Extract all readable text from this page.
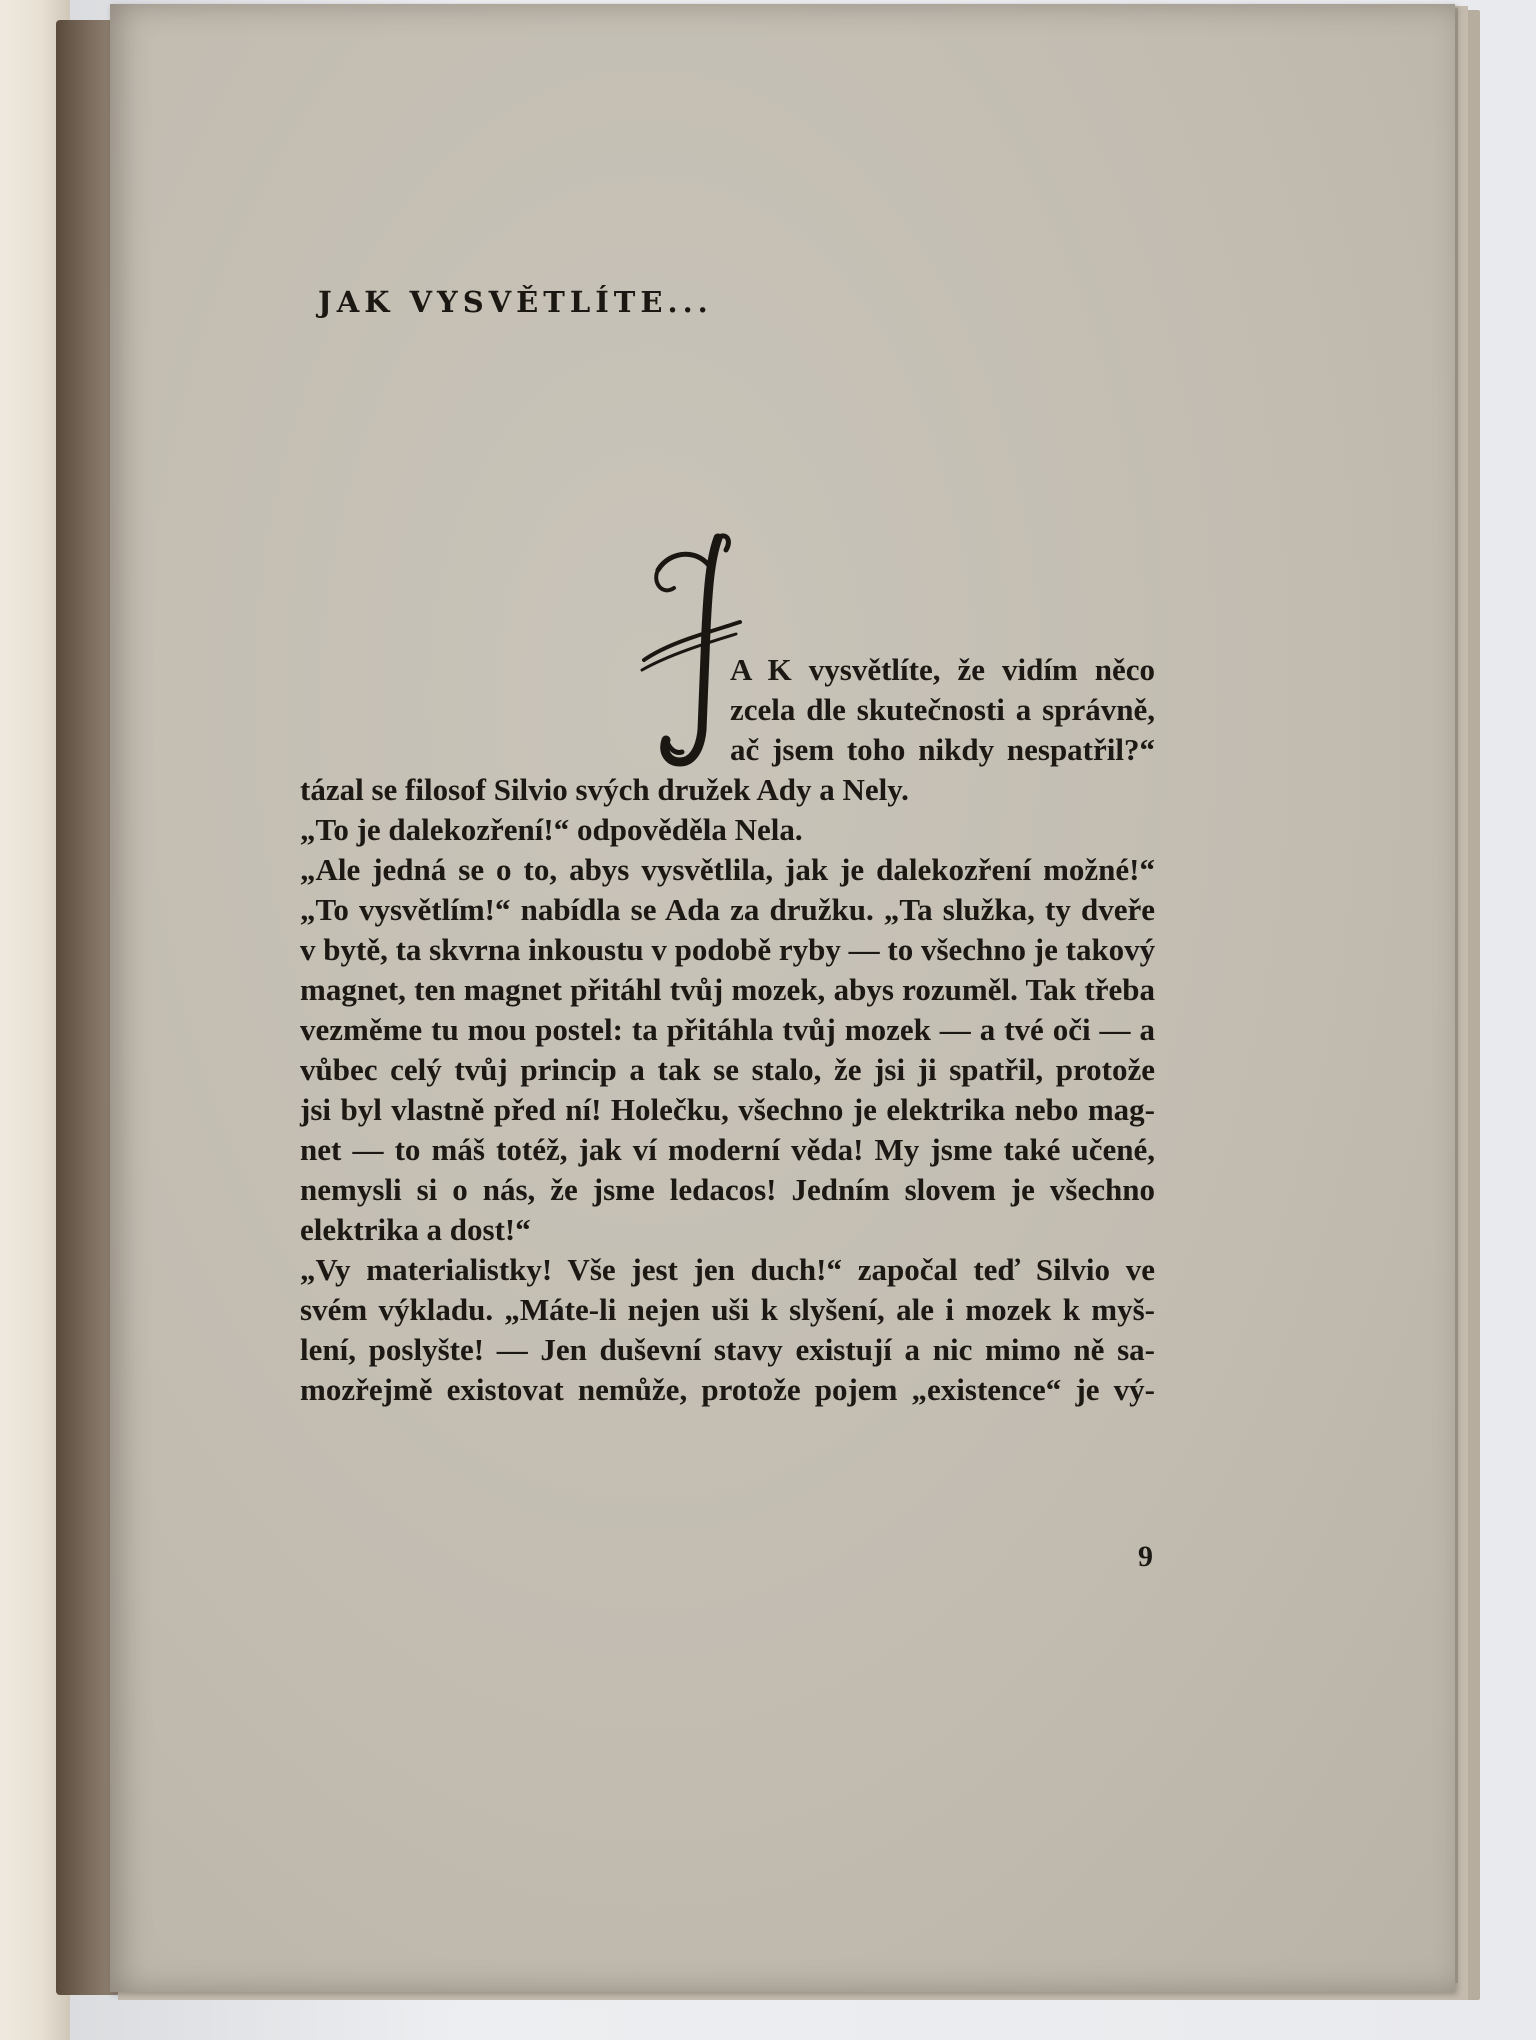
JAK VYSVĚTLÍTE...
A K vysvětlíte, že vidím něco
zcela dle skutečnosti a správně,
ač jsem toho nikdy nespatřil?“
tázal se filosof Silvio svých družek Ady a Nely.
„To je dalekozření!“ odpověděla Nela.
„Ale jedná se o to, abys vysvětlila, jak je dalekozření možné!“
„To vysvětlím!“ nabídla se Ada za družku. „Ta služka, ty dveře
v bytě, ta skvrna inkoustu v podobě ryby — to všechno je takový
magnet, ten magnet přitáhl tvůj mozek, abys rozuměl. Tak třeba
vezměme tu mou postel: ta přitáhla tvůj mozek — a tvé oči — a
vůbec celý tvůj princip a tak se stalo, že jsi ji spatřil, protože
jsi byl vlastně před ní! Holečku, všechno je elektrika nebo mag-
net — to máš totéž, jak ví moderní věda! My jsme také učené,
nemysli si o nás, že jsme ledacos! Jedním slovem je všechno
elektrika a dost!“
„Vy materialistky! Vše jest jen duch!“ započal teď Silvio ve
svém výkladu. „Máte-li nejen uši k slyšení, ale i mozek k myš-
lení, poslyšte! — Jen duševní stavy existují a nic mimo ně sa-
mozřejmě existovat nemůže, protože pojem „existence“ je vý-
9
